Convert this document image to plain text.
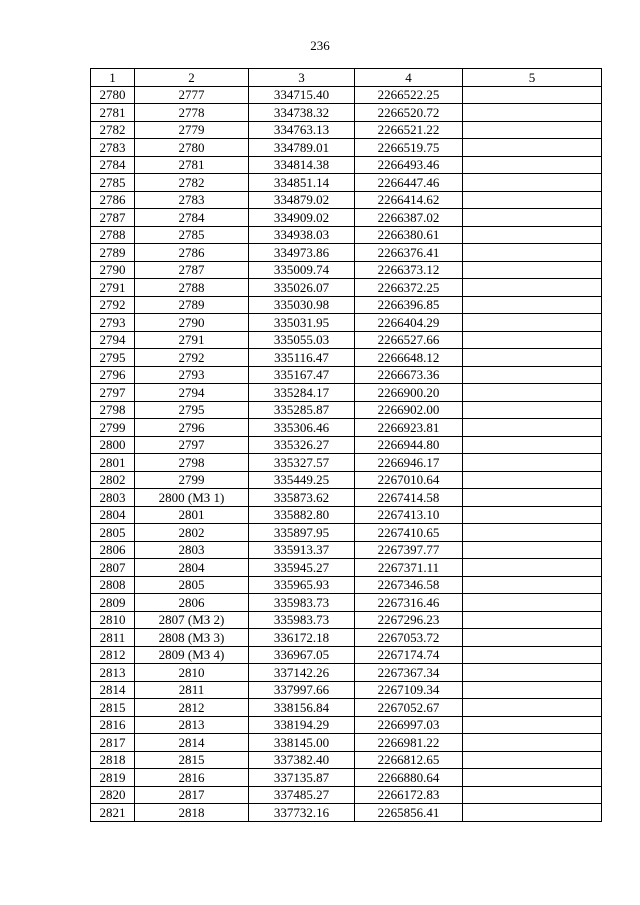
236
1	2	3	4	5
2780	2777	334715.40	2266522.25	
2781	2778	334738.32	2266520.72	
2782	2779	334763.13	2266521.22	
2783	2780	334789.01	2266519.75	
2784	2781	334814.38	2266493.46	
2785	2782	334851.14	2266447.46	
2786	2783	334879.02	2266414.62	
2787	2784	334909.02	2266387.02	
2788	2785	334938.03	2266380.61	
2789	2786	334973.86	2266376.41	
2790	2787	335009.74	2266373.12	
2791	2788	335026.07	2266372.25	
2792	2789	335030.98	2266396.85	
2793	2790	335031.95	2266404.29	
2794	2791	335055.03	2266527.66	
2795	2792	335116.47	2266648.12	
2796	2793	335167.47	2266673.36	
2797	2794	335284.17	2266900.20	
2798	2795	335285.87	2266902.00	
2799	2796	335306.46	2266923.81	
2800	2797	335326.27	2266944.80	
2801	2798	335327.57	2266946.17	
2802	2799	335449.25	2267010.64	
2803	2800 (МЗ 1)	335873.62	2267414.58	
2804	2801	335882.80	2267413.10	
2805	2802	335897.95	2267410.65	
2806	2803	335913.37	2267397.77	
2807	2804	335945.27	2267371.11	
2808	2805	335965.93	2267346.58	
2809	2806	335983.73	2267316.46	
2810	2807 (МЗ 2)	335983.73	2267296.23	
2811	2808 (МЗ 3)	336172.18	2267053.72	
2812	2809 (МЗ 4)	336967.05	2267174.74	
2813	2810	337142.26	2267367.34	
2814	2811	337997.66	2267109.34	
2815	2812	338156.84	2267052.67	
2816	2813	338194.29	2266997.03	
2817	2814	338145.00	2266981.22	
2818	2815	337382.40	2266812.65	
2819	2816	337135.87	2266880.64	
2820	2817	337485.27	2266172.83	
2821	2818	337732.16	2265856.41	
